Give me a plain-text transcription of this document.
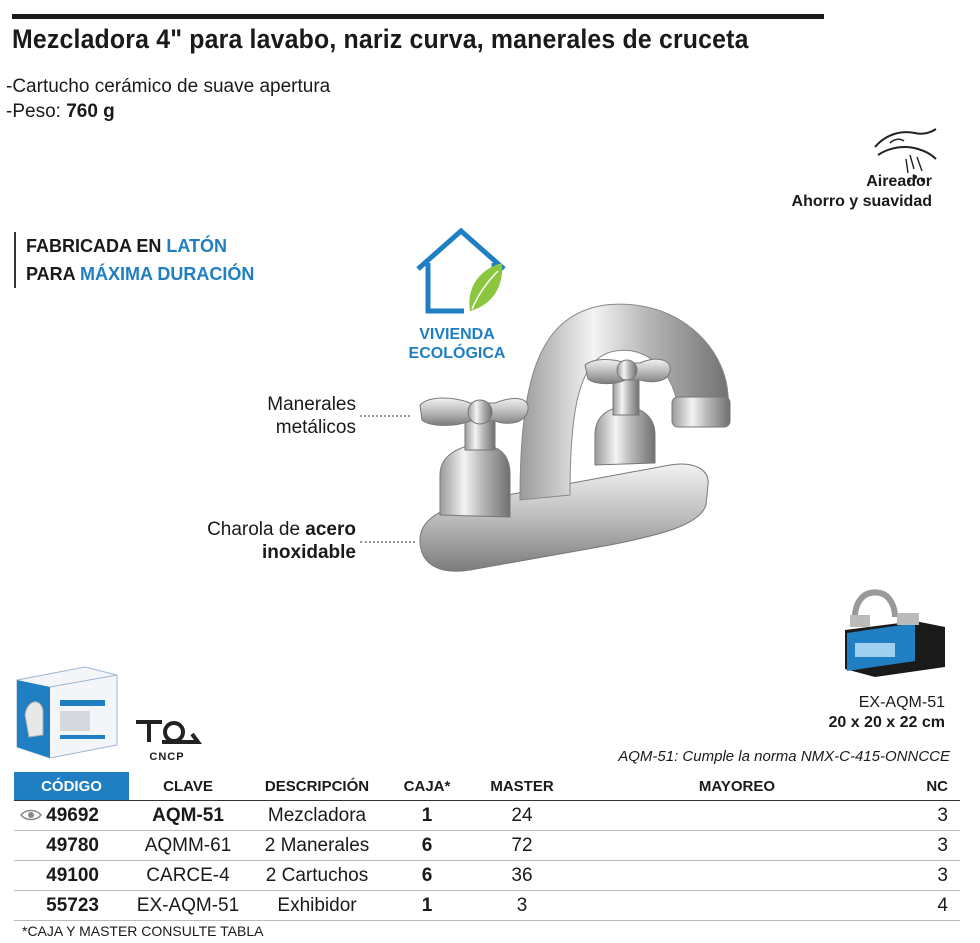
Mezcladora 4" para lavabo, nariz curva, manerales de cruceta
-Cartucho cerámico de suave apertura
-Peso: 760 g
Aireador
Ahorro y suavidad
FABRICADA EN LATÓN
PARA MÁXIMA DURACIÓN
VIVIENDA
ECOLÓGICA
Manerales
metálicos
Charola de acero
inoxidable
CNCP
EX-AQM-51
20 x 20 x 22 cm
AQM-51: Cumple la norma NMX-C-415-ONNCCE
CÓDIGO	CLAVE	DESCRIPCIÓN	CAJA*	MASTER	MAYOREO	NC
49692	AQM-51	Mezcladora	1	24		3
49780	AQMM-61	2 Manerales	6	72		3
49100	CARCE-4	2 Cartuchos	6	36		3
55723	EX-AQM-51	Exhibidor	1	3		4
*CAJA Y MASTER CONSULTE TABLA
